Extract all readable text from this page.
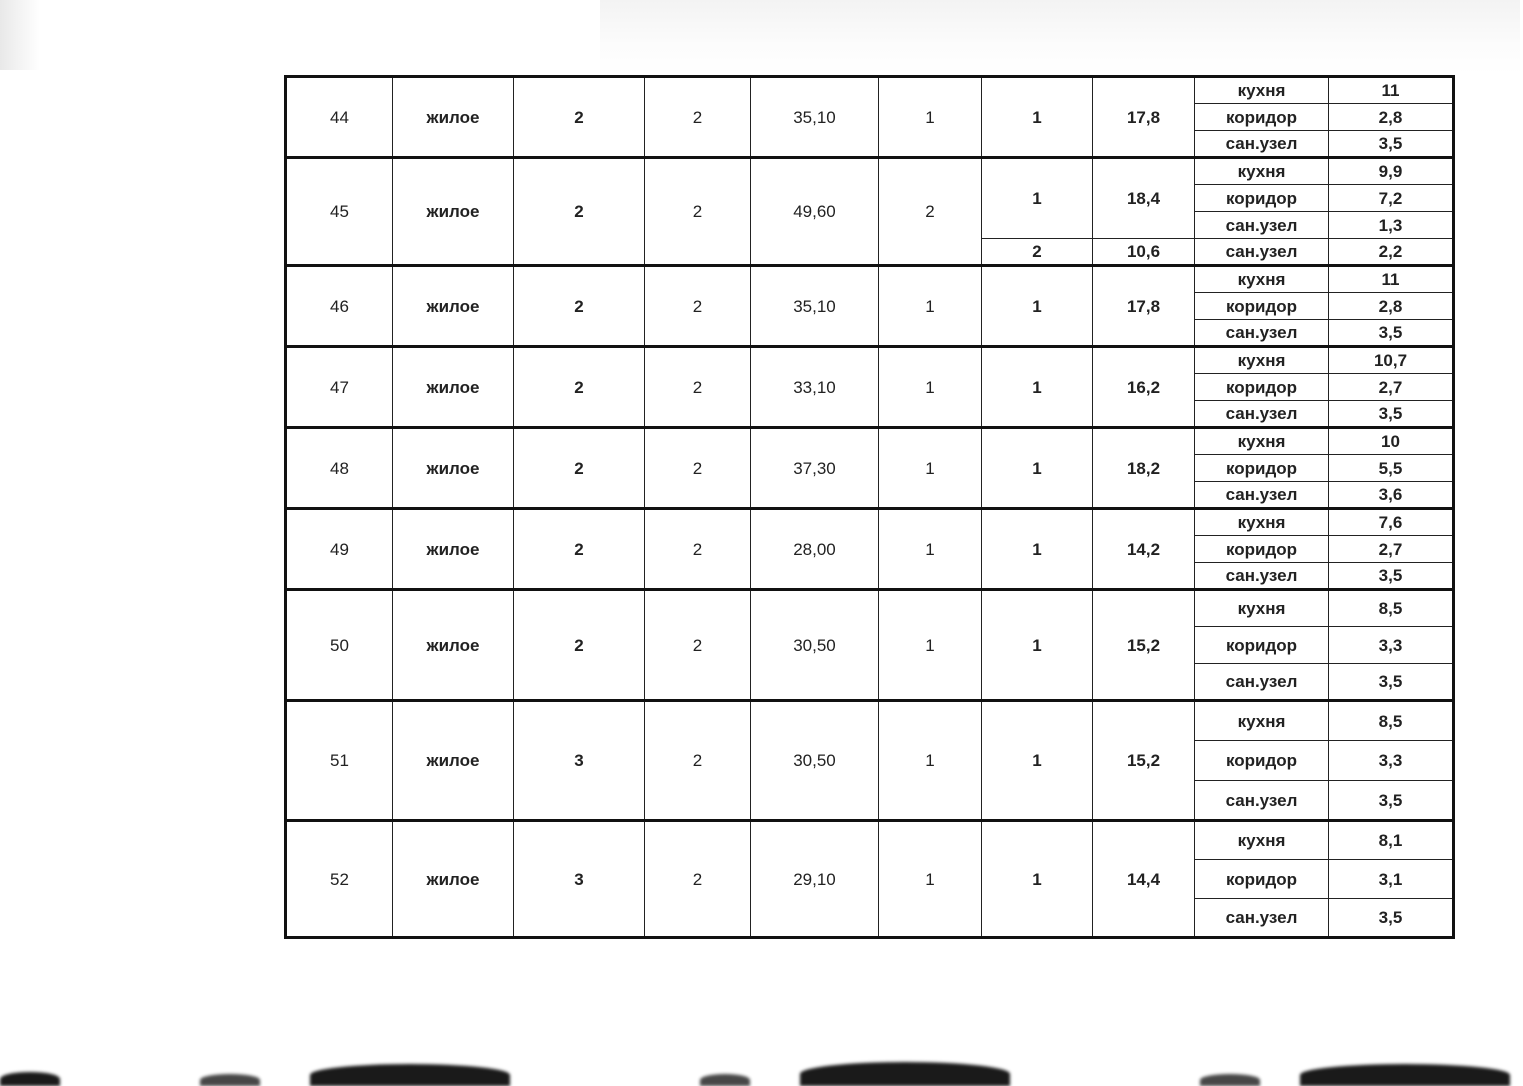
44	жилое	2	2	35,10	1	1	17,8	кухня	11
								коридор	2,8
								сан.узел	3,5
45	жилое	2	2	49,60	2	1	18,4	кухня	9,9
								коридор	7,2
								сан.узел	1,3
						2	10,6	сан.узел	2,2
46	жилое	2	2	35,10	1	1	17,8	кухня	11
								коридор	2,8
								сан.узел	3,5
47	жилое	2	2	33,10	1	1	16,2	кухня	10,7
								коридор	2,7
								сан.узел	3,5
48	жилое	2	2	37,30	1	1	18,2	кухня	10
								коридор	5,5
								сан.узел	3,6
49	жилое	2	2	28,00	1	1	14,2	кухня	7,6
								коридор	2,7
								сан.узел	3,5
50	жилое	2	2	30,50	1	1	15,2	кухня	8,5
								коридор	3,3
								сан.узел	3,5
51	жилое	3	2	30,50	1	1	15,2	кухня	8,5
								коридор	3,3
								сан.узел	3,5
52	жилое	3	2	29,10	1	1	14,4	кухня	8,1
								коридор	3,1
								сан.узел	3,5
